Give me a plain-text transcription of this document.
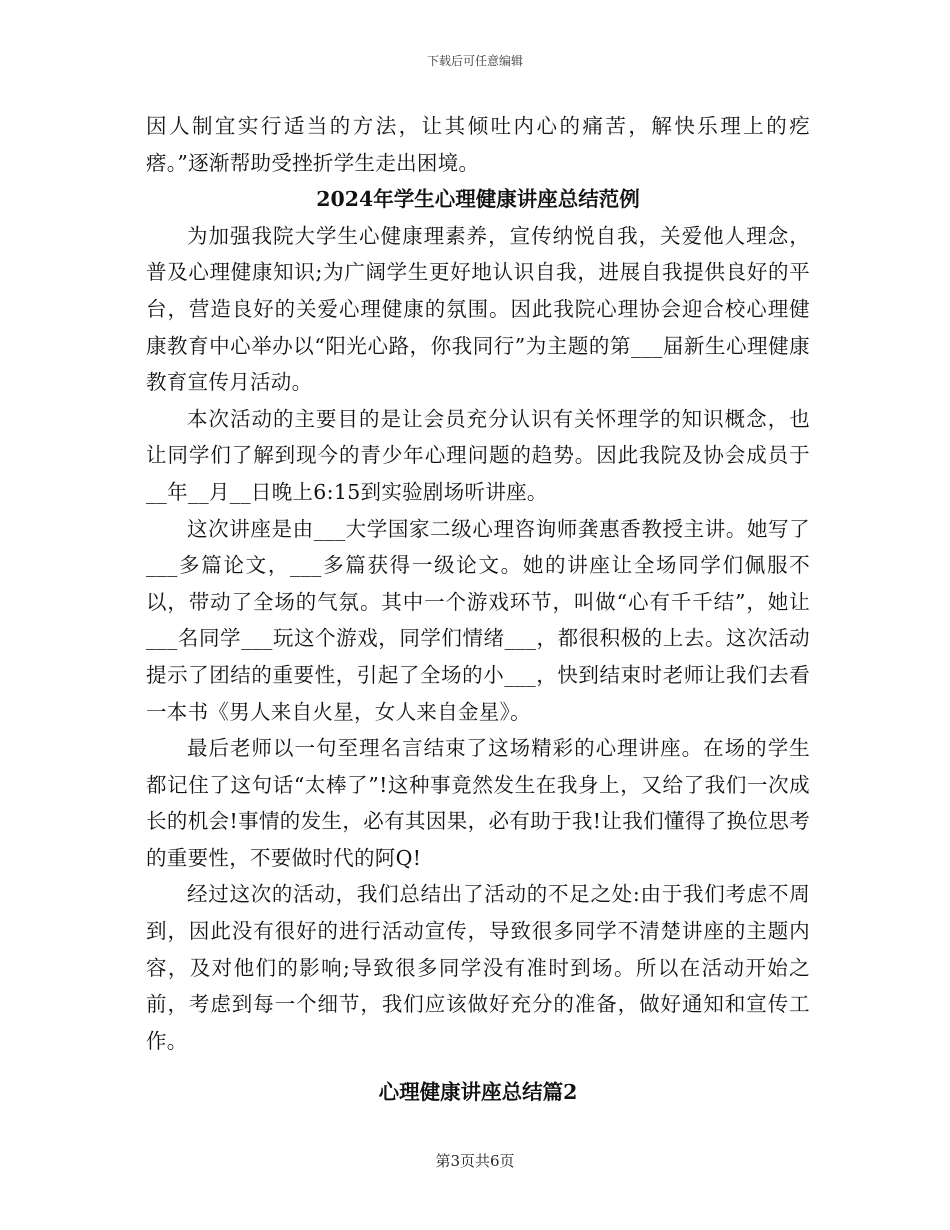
下载后可任意编辑

因人制宜实行适当的方法，让其倾吐内心的痛苦，解快乐理上的疙瘩。”逐渐帮助受挫折学生走出困境。

2024年学生心理健康讲座总结范例

为加强我院大学生心健康理素养，宣传纳悦自我，关爱他人理念，普及心理健康知识;为广阔学生更好地认识自我，进展自我提供良好的平台，营造良好的关爱心理健康的氛围。因此我院心理协会迎合校心理健康教育中心举办以“阳光心路，你我同行”为主题的第___届新生心理健康教育宣传月活动。

本次活动的主要目的是让会员充分认识有关怀理学的知识概念，也让同学们了解到现今的青少年心理问题的趋势。因此我院及协会成员于__年__月__日晚上6:15到实验剧场听讲座。

这次讲座是由___大学国家二级心理咨询师龚惠香教授主讲。她写了___多篇论文，___多篇获得一级论文。她的讲座让全场同学们佩服不以，带动了全场的气氛。其中一个游戏环节，叫做“心有千千结”，她让___名同学___玩这个游戏，同学们情绪___，都很积极的上去。这次活动提示了团结的重要性，引起了全场的小___，快到结束时老师让我们去看一本书《男人来自火星，女人来自金星》。

最后老师以一句至理名言结束了这场精彩的心理讲座。在场的学生都记住了这句话“太棒了”!这种事竟然发生在我身上，又给了我们一次成长的机会!事情的发生，必有其因果，必有助于我!让我们懂得了换位思考的重要性，不要做时代的阿Q!

经过这次的活动，我们总结出了活动的不足之处:由于我们考虑不周到，因此没有很好的进行活动宣传，导致很多同学不清楚讲座的主题内容，及对他们的影响;导致很多同学没有准时到场。所以在活动开始之前，考虑到每一个细节，我们应该做好充分的准备，做好通知和宣传工作。

心理健康讲座总结篇2
第3页共6页
